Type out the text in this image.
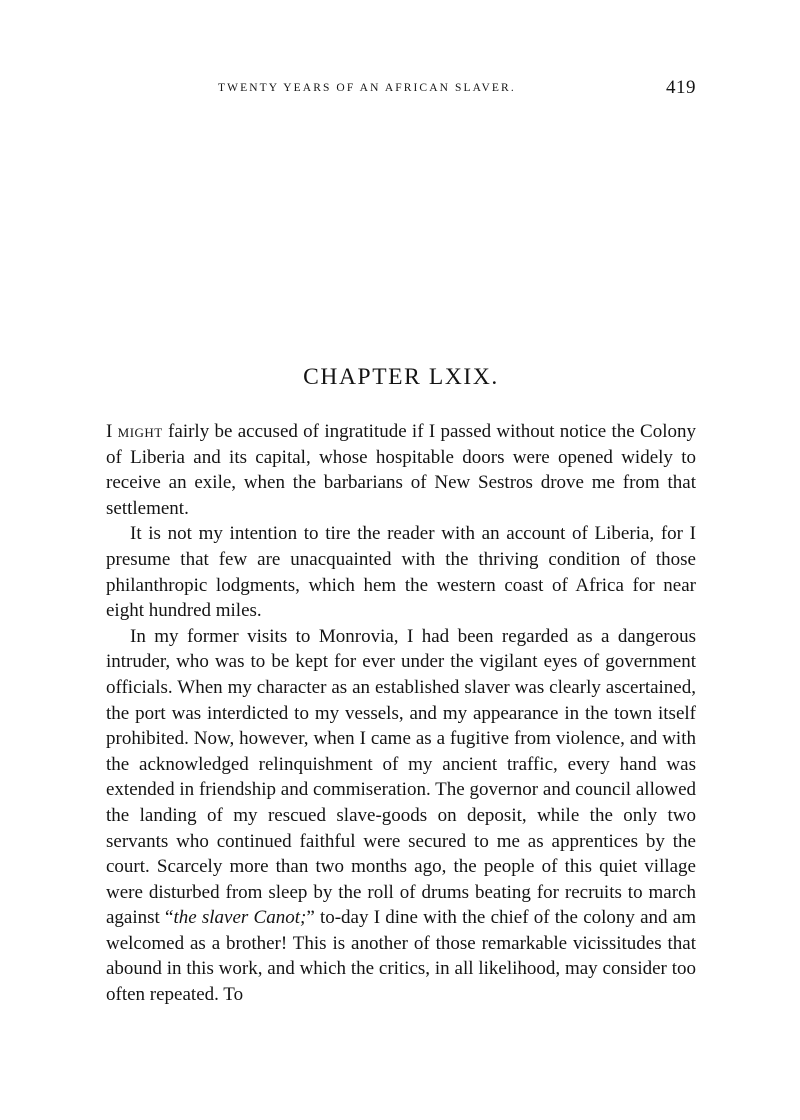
TWENTY YEARS OF AN AFRICAN SLAVER.	419
CHAPTER LXIX.

I might fairly be accused of ingratitude if I passed without notice the Colony of Liberia and its capital, whose hospitable doors were opened widely to receive an exile, when the barbarians of New Sestros drove me from that settlement.

It is not my intention to tire the reader with an account of Liberia, for I presume that few are unacquainted with the thriving condition of those philanthropic lodgments, which hem the western coast of Africa for near eight hundred miles.

In my former visits to Monrovia, I had been regarded as a dangerous intruder, who was to be kept for ever under the vigilant eyes of government officials. When my character as an established slaver was clearly ascertained, the port was interdicted to my vessels, and my appearance in the town itself prohibited. Now, however, when I came as a fugitive from violence, and with the acknowledged relinquishment of my ancient traffic, every hand was extended in friendship and commiseration. The governor and council allowed the landing of my rescued slave-goods on deposit, while the only two servants who continued faithful were secured to me as apprentices by the court. Scarcely more than two months ago, the people of this quiet village were disturbed from sleep by the roll of drums beating for recruits to march against “the slaver Canot;” to-day I dine with the chief of the colony and am welcomed as a brother! This is another of those remarkable vicissitudes that abound in this work, and which the critics, in all likelihood, may consider too often repeated. To
